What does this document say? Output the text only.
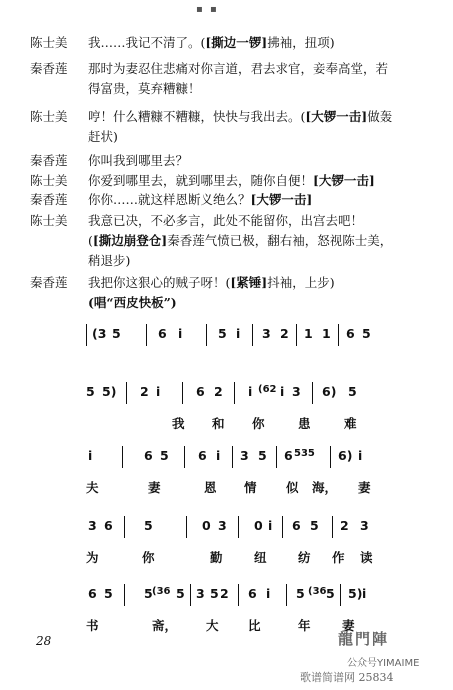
▪ ▪
陈士美 我……我记不清了。([撕边一锣]拂袖，扭项)
秦香莲 那时为妻忍住悲痛对你言道，君去求官，妾奉高堂，若
得富贵，莫弃糟糠！
陈士美 哼！什么糟糠不糟糠，快快与我出去。([大锣一击]做轰
赶状)
秦香莲 你叫我到哪里去？
陈士美 你爱到哪里去，就到哪里去，随你自便！[大锣一击]
秦香莲 你你……就这样恩断义绝么？[大锣一击]
陈士美 我意已决，不必多言，此处不能留你，出宫去吧！
([撕边崩登仓]秦香莲气愤已极，翻右袖，怒视陈士美，
稍退步)
秦香莲 我把你这狠心的贼子呀！([紧锤]抖袖，上步)
(唱“西皮快板”)
(3 5	6 i	5 i 3 2 1 1 6 5
5 5) 2 i	6 2 i (62 i 3 6) 5
我 和 你	患	难
i	6 5 6 i 3 5 6 535 6) i
夫	妻	恩 情 似 海， 妻
3 6	5	0 3 0 i 6 5 2 3
为	你	勤	纽	纺 作 读
6 5	5 (36 5 3 5 2 6 i 5 (36 5 5) i
书	斋， 大 比	年	妻
28	龍門陣
公众号YIMAIME
歌谱简谱网 25834
